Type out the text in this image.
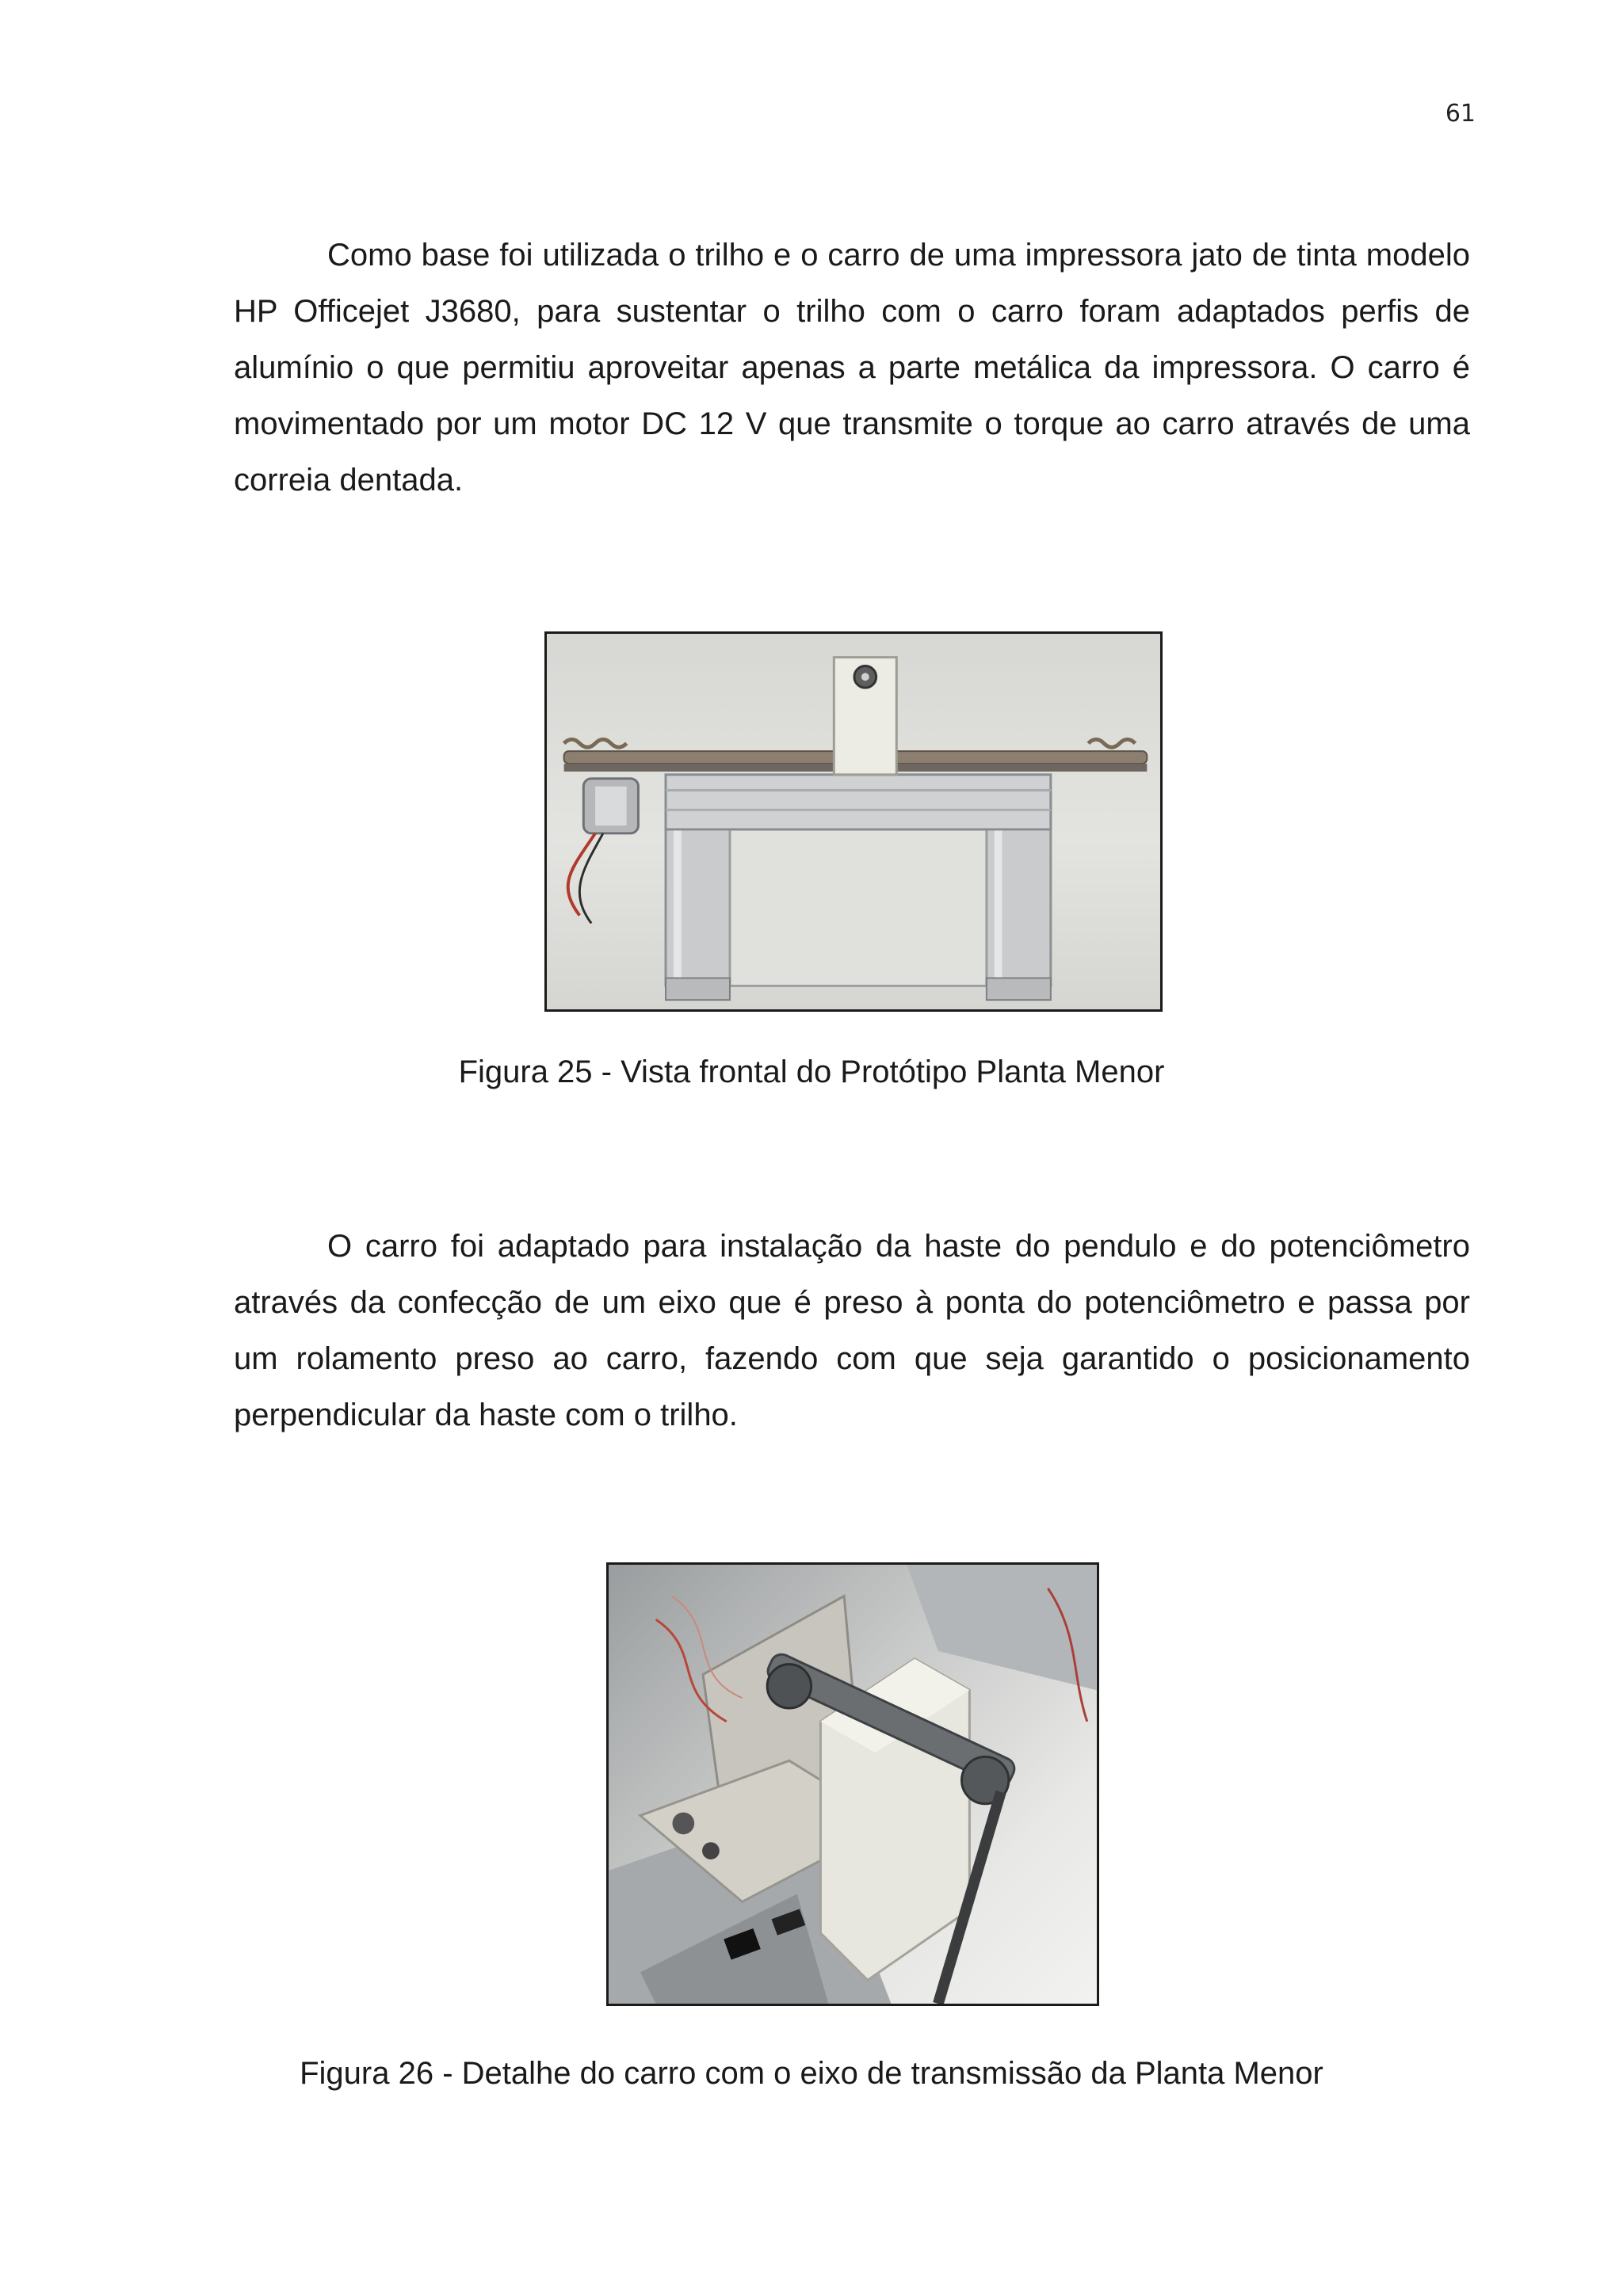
61

Como base foi utilizada o trilho e o carro de uma impressora jato de tinta modelo HP Officejet J3680, para sustentar o trilho com o carro foram adaptados perfis de alumínio o que permitiu aproveitar apenas a parte metálica da impressora. O carro é movimentado por um motor DC 12 V que transmite o torque ao carro através de uma correia dentada.

Figura 25 - Vista frontal do Protótipo Planta Menor

O carro foi adaptado para instalação da haste do pendulo e do potenciômetro através da confecção de um eixo que é preso à ponta do potenciômetro e passa por um rolamento preso ao carro, fazendo com que seja garantido o posicionamento perpendicular da haste com o trilho.

Figura 26 - Detalhe do carro com o eixo de transmissão da Planta Menor
